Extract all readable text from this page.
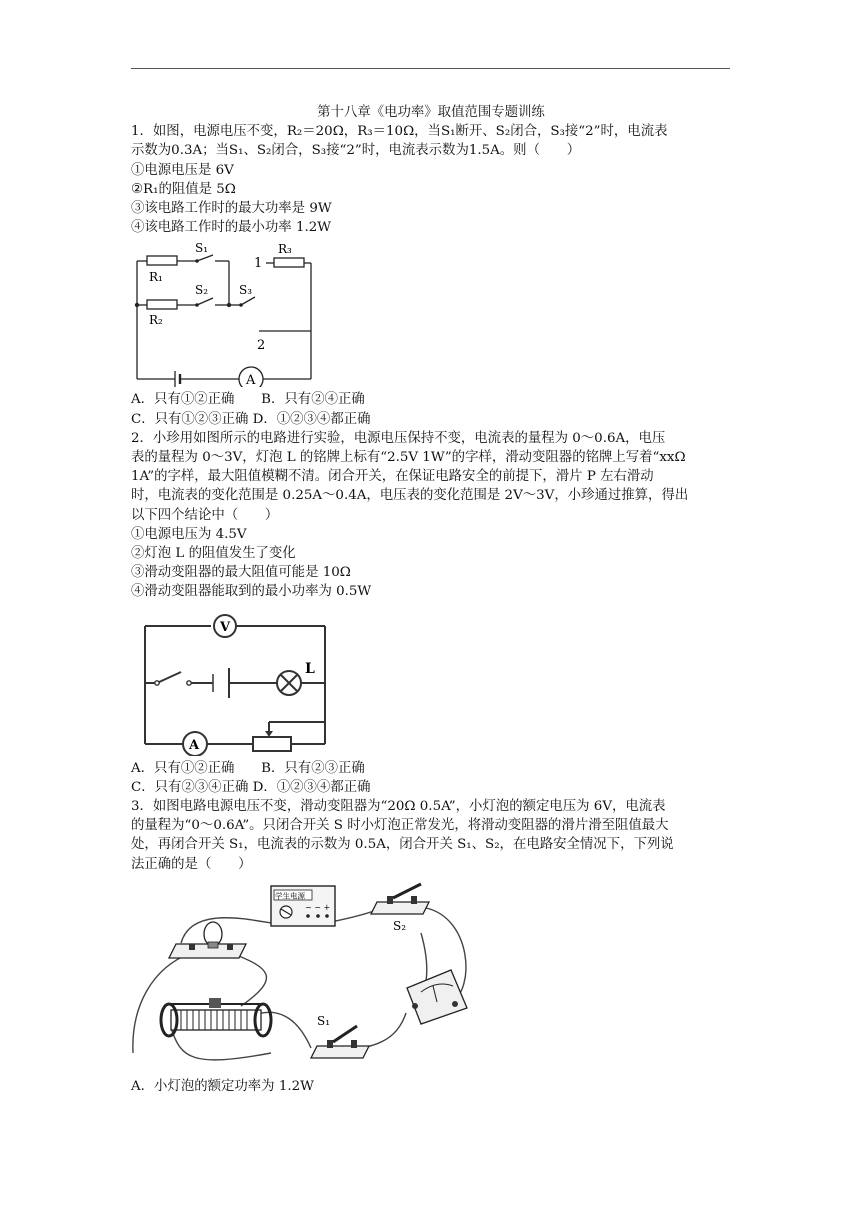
第十八章《电功率》取值范围专题训练

1．如图，电源电压不变，R₂＝20Ω，R₃＝10Ω，当S₁断开、S₂闭合，S₃接“2”时，电流表

示数为0.3A；当S₁、S₂闭合，S₃接“2”时，电流表示数为1.5A。则（　　）

①电源电压是 6V

②R₁的阻值是 5Ω

③该电路工作时的最大功率是 9W

④该电路工作时的最小功率 1.2W

S₁
R₁
S₂	S₃
R₂
1
R₃
2
A

A．只有①②正确　　B．只有②④正确

C．只有①②③正确 D．①②③④都正确

2．小珍用如图所示的电路进行实验，电源电压保持不变，电流表的量程为 0～0.6A，电压

表的量程为 0～3V，灯泡 L 的铭牌上标有“2.5V 1W”的字样，滑动变阻器的铭牌上写着“xxΩ

1A”的字样，最大阻值模糊不清。闭合开关，在保证电路安全的前提下，滑片 P 左右滑动

时，电流表的变化范围是 0.25A～0.4A，电压表的变化范围是 2V～3V，小珍通过推算，得出

以下四个结论中（　　）

①电源电压为 4.5V

②灯泡 L 的阻值发生了变化

③滑动变阻器的最大阻值可能是 10Ω

④滑动变阻器能取到的最小功率为 0.5W

V
L
A

A．只有①②正确　　B．只有②③正确

C．只有②③④正确 D．①②③④都正确

3．如图电路电源电压不变，滑动变阻器为“20Ω 0.5A”，小灯泡的额定电压为 6V，电流表

的量程为“0～0.6A”。只闭合开关 S 时小灯泡正常发光，将滑动变阻器的滑片滑至阻值最大

处，再闭合开关 S₁，电流表的示数为 0.5A，闭合开关 S₁、S₂，在电路安全情况下，下列说

法正确的是（　　）

学生电源
~ ~ +
S₂
S₁

A．小灯泡的额定功率为 1.2W
